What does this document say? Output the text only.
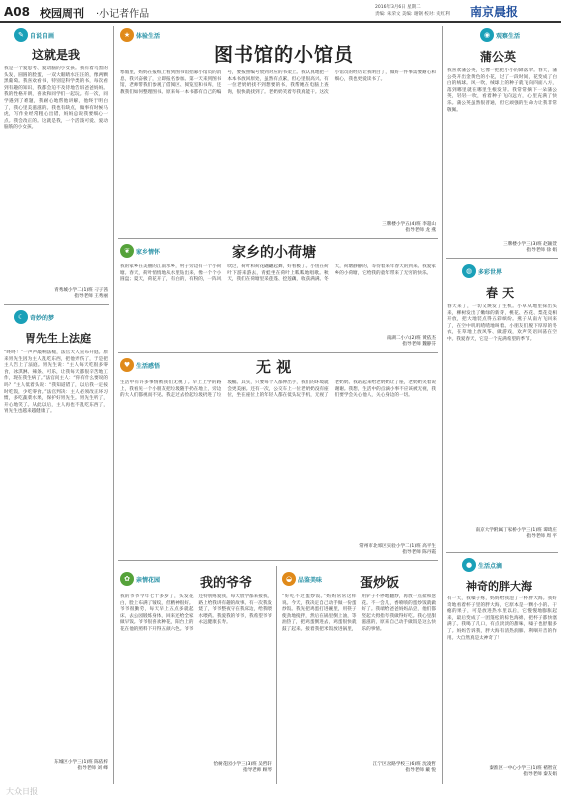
A08 校园周刊 ·小记者作品
2016年3月6日 星期二
责编: 朱荣文 美编: 谢钢 校对: 史红利 南京晨报
✎	自说自画
这就是我
我是一个爱思考、爱动脑的小女孩。我有着乌黑的头发，圆圆的脸蛋，一双大眼睛水汪汪的，像两颗黑葡萄。我喜欢看书，特别是科学类的书，每次看到有趣的知识，我都会迫不及待地告诉爸爸妈妈。我的性格开朗，喜欢和同学们一起玩。有一次，同学遇到了难题，我耐心地帮他讲解，他终于明白了，我心里美滋滋的。我也有缺点，做事有时候马虎，写作业经常粗心出错，妈妈总说我要细心一点。我会改正的。这就是我，一个活泼可爱、爱动脑筋的小女孩。
青秀城小学二(1)班 刁子茜
指导老师 王秀丽
☾ 奇妙的梦
胃先生上法庭
“咚咚！”一声声敲响法槌，法官大人宣布开庭。原来胃先生因为主人乱吃东西，把他弄伤了，于是把主人告上了法庭。胃先生说：“主人每天吃很多零食，冰淇淋、辣条、可乐，让我每天都很辛苦地工作，现在我生病了。”法官问主人：“你有什么要说的吗？”主人低着头说：“我知道错了，以后我一定按时吃饭，少吃零食。”法官判决：主人必须改正坏习惯，多吃蔬菜水果，保护好胃先生。胃先生听了，开心地笑了。从此以后，主人再也不乱吃东西了，胃先生也越来越健康了。
东城区小学三(1)班 陈依梓
指导老师 刘 峰
★ 体验生活
图书馆的小馆员
寒假里，妈妈在报纸上看到图书馆招募小馆员的消息，我兴奋极了，立即报名参加。第一天来到图书馆，老师带我们参观了借阅区、阅览室和书库，还教我们如何整理图书。原来每一本书都有自己的编号，要按照编号放到对应的书架上。我认真地把一本本书放回原处，虽然有点累，但心里很高兴。有一位老奶奶找不到想要的书，我帮她在电脑上查询，很快就找到了。老奶奶笑着夸我真能干。这次小馆员的经历让我明白了，做好一件事需要耐心和细心，我也更爱读书了。
三牌楼小学五(4)班 李超山
指导老师 龙 燕
❦	家乡情怀	家乡的小荷塘
我的家乡在美丽的江南水乡，村子旁边有一个小荷塘。春天，荷叶悄悄地从水里钻出来，像一个个小圆盘；夏天，荷花开了，有白的，有粉的，一阵风吹过，荷叶和荷花翩翩起舞，好看极了。小鱼在荷叶下游来游去，青蛙坐在荷叶上呱呱地唱歌。秋天，我们在荷塘里采莲蓬、挖莲藕，收获满满。冬天，荷塘静静的，等待着来年春天的到来。我爱家乡的小荷塘，它给我的童年带来了无穷的快乐。
南湖二小六(2)班 黄依杰
指导老师 魏静芬
♥ 生活感悟	无 视
生活中有许多事情被我们无视了。早上上学的路上，我看见一个小朋友把垃圾随手扔在地上，旁边的大人们都视而不见。我走过去捡起垃圾扔进了垃圾桶。其实，只要每个人都伸出手，我们的环境就会更美丽。还有一次，公交车上一位老奶奶没有座位，坐在座位上的年轻人都在低头玩手机，无视了老奶奶。我站起来给老奶奶让了座，老奶奶笑着说谢谢。我想，生活中的点滴小事不应该被无视，我们要学会关心他人，关心身边的一切。
常州市北郊区实验小学二(1)班 高平生
指导老师 陈丹霞
✿	亲情花园	我的爷爷
我的爷爷今年七十多岁了，头发花白，脸上布满了皱纹，但精神很好。爷爷很勤劳，每天早上五点多就起床，去公园锻炼身体，回来还给全家做早饭。爷爷很喜欢种花，阳台上的花在他的照料下开得五颜六色。爷爷还特别疼爱我，每天放学都来接我，路上给我讲有趣的故事。有一次我发烧了，爷爷整夜守在我床边，给我喂水喂药。我爱我的爷爷，我希望爷爷永远健康长寿。
恰树花园小学三(3)班 吴哲轩
指导老师 顾琴
◒ 品鉴美味	蛋炒饭
“好吃不过蛋炒饭。”妈妈常常这样说。今天，我决定自己动手做一份蛋炒饭。我先把鸡蛋打进碗里，用筷子使劲地搅拌，然后在锅里倒上油，等油热了，把鸡蛋倒进去，鸡蛋很快就鼓了起来。接着我把米饭放进锅里，用铲子不停地翻炒，再放一点盐和葱花。不一会儿，香喷喷的蛋炒饭就做好了。我端给爸爸妈妈品尝，他们都竖起大拇指夸我做得好吃。我心里甜滋滋的，原来自己动手做饭是这么快乐的事情。
江宁区岔路学校三(6)班 沈凌哲
指导老师 戴 悦
◉ 观察生活
蒲公英
我喜欢蒲公英，它像一把把小小的降落伞。春天，蒲公英开出金黄色的小花，过了一段时间，花变成了白白的绒球。风一吹，绒球上的种子就飞向四面八方，落到哪里就在哪里生根发芽。我常常摘下一朵蒲公英，轻轻一吹，看着种子飞向远方，心里充满了快乐。蒲公英虽然很普通，但它顽强的生命力让我非常敬佩。
三牌楼小学三(3)班 赵颖萱
指导老师 徐 娟
◍ 多彩世界
春 天
春天来了，一切又焕发了生机。小草从地里探出头来，柳树发出了嫩绿的新芽，桃花、杏花、梨花竞相开放，把大地装点得五彩缤纷。燕子从南方飞回来了，在空中叽叽喳喳地叫着。小朋友们脱下厚厚的冬衣，在草地上放风筝、做游戏，欢声笑语回荡在空中。我爱春天，它是一个充满希望的季节。
南京大学附属丁家桥小学三(1)班 谭琦庄
指导老师 周 平
● 生活点滴
神奇的胖大海
有一天，我嗓子疼，妈妈给我泡了一杯胖大海。我好奇地看着杯子里的胖大海，它原本是一颗小小的、干瘪的果子，可是放进热水里以后，它慢慢地膨胀起来，最后变成了一团蓬松的棕色海绵，把杯子都快塞满了。我喝了几口，有点淡淡的甜味，嗓子也舒服多了。妈妈告诉我，胖大海有清热润肺、利咽开音的作用。大自然真是太神奇了！
秦淮区一中心小学三(1)班 褚智宣
指导老师 秦友娟
大众日报
